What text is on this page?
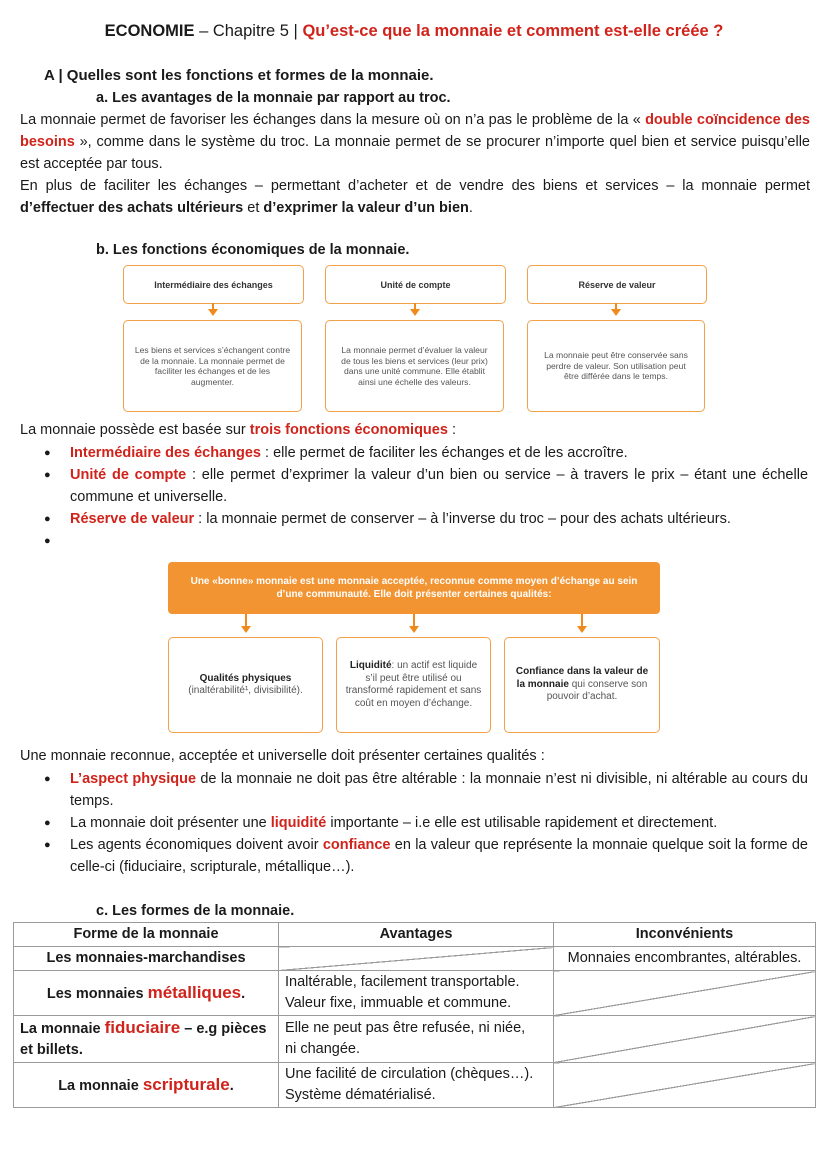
ECONOMIE – Chapitre 5 | Qu’est-ce que la monnaie et comment est-elle créée ?
A | Quelles sont les fonctions et formes de la monnaie.
a. Les avantages de la monnaie par rapport au troc.
La monnaie permet de favoriser les échanges dans la mesure où on n’a pas le problème de la « double coïncidence des besoins », comme dans le système du troc. La monnaie permet de se procurer n’importe quel bien et service puisqu’elle est acceptée par tous.
En plus de faciliter les échanges – permettant d’acheter et de vendre des biens et services – la monnaie permet d’effectuer des achats ultérieurs et d’exprimer la valeur d’un bien.
b. Les fonctions économiques de la monnaie.
Intermédiaire des échanges	Unité de compte	Réserve de valeur
Les biens et services s’échangent contre de la monnaie. La monnaie permet de faciliter les échanges et de les augmenter.
La monnaie permet d’évaluer la valeur de tous les biens et services (leur prix) dans une unité commune. Elle établit ainsi une échelle des valeurs.
La monnaie peut être conservée sans perdre de valeur. Son utilisation peut être différée dans le temps.
La monnaie possède est basée sur trois fonctions économiques :
● Intermédiaire des échanges : elle permet de faciliter les échanges et de les accroître.
● Unité de compte : elle permet d’exprimer la valeur d’un bien ou service – à travers le prix – étant une échelle commune et universelle.
● Réserve de valeur : la monnaie permet de conserver – à l’inverse du troc – pour des achats ultérieurs.
●
Une «bonne» monnaie est une monnaie acceptée, reconnue comme moyen d’échange au sein d’une communauté. Elle doit présenter certaines qualités:
Qualités physiques
(inaltérabilité¹, divisibilité).
Liquidité: un actif est liquide s’il peut être utilisé ou transformé rapidement et sans coût en moyen d’échange.
Confiance dans la valeur de la monnaie qui conserve son pouvoir d’achat.
Une monnaie reconnue, acceptée et universelle doit présenter certaines qualités :
● L’aspect physique de la monnaie ne doit pas être altérable : la monnaie n’est ni divisible, ni altérable au cours du temps.
● La monnaie doit présenter une liquidité importante – i.e elle est utilisable rapidement et directement.
● Les agents économiques doivent avoir confiance en la valeur que représente la monnaie quelque soit la forme de celle-ci (fiduciaire, scripturale, métallique…).
c. Les formes de la monnaie.
Forme de la monnaie	Avantages	Inconvénients
Les monnaies-marchandises		Monnaies encombrantes, altérables.
Les monnaies métalliques.	Inaltérable, facilement transportable.
Valeur fixe, immuable et commune.	
La monnaie fiduciaire – e.g pièces et billets.	Elle ne peut pas être refusée, ni niée,
ni changée.	
La monnaie scripturale.	Une facilité de circulation (chèques…).
Système dématérialisé.	
